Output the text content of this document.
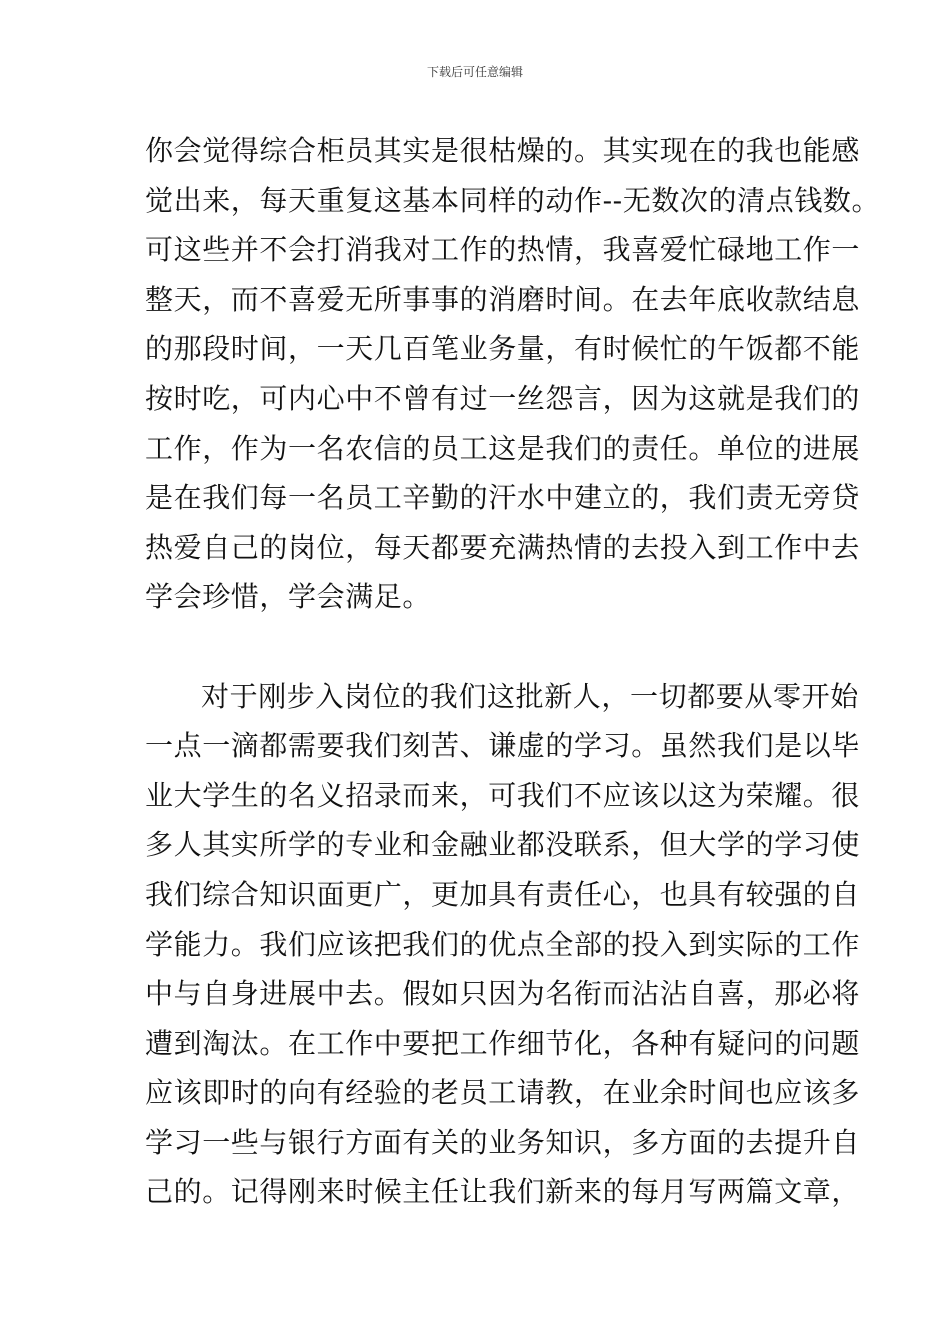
下载后可任意编辑
你会觉得综合柜员其实是很枯燥的。其实现在的我也能感
觉出来，每天重复这基本同样的动作--无数次的清点钱数。
可这些并不会打消我对工作的热情，我喜爱忙碌地工作一
整天，而不喜爱无所事事的消磨时间。在去年底收款结息
的那段时间，一天几百笔业务量，有时候忙的午饭都不能
按时吃，可内心中不曾有过一丝怨言，因为这就是我们的
工作，作为一名农信的员工这是我们的责任。单位的进展
是在我们每一名员工辛勤的汗水中建立的，我们责无旁贷
热爱自己的岗位，每天都要充满热情的去投入到工作中去
学会珍惜，学会满足。
对于刚步入岗位的我们这批新人，一切都要从零开始
一点一滴都需要我们刻苦、谦虚的学习。虽然我们是以毕
业大学生的名义招录而来，可我们不应该以这为荣耀。很
多人其实所学的专业和金融业都没联系，但大学的学习使
我们综合知识面更广，更加具有责任心，也具有较强的自
学能力。我们应该把我们的优点全部的投入到实际的工作
中与自身进展中去。假如只因为名衔而沾沾自喜，那必将
遭到淘汰。在工作中要把工作细节化，各种有疑问的问题
应该即时的向有经验的老员工请教，在业余时间也应该多
学习一些与银行方面有关的业务知识，多方面的去提升自
己的。记得刚来时候主任让我们新来的每月写两篇文章，
